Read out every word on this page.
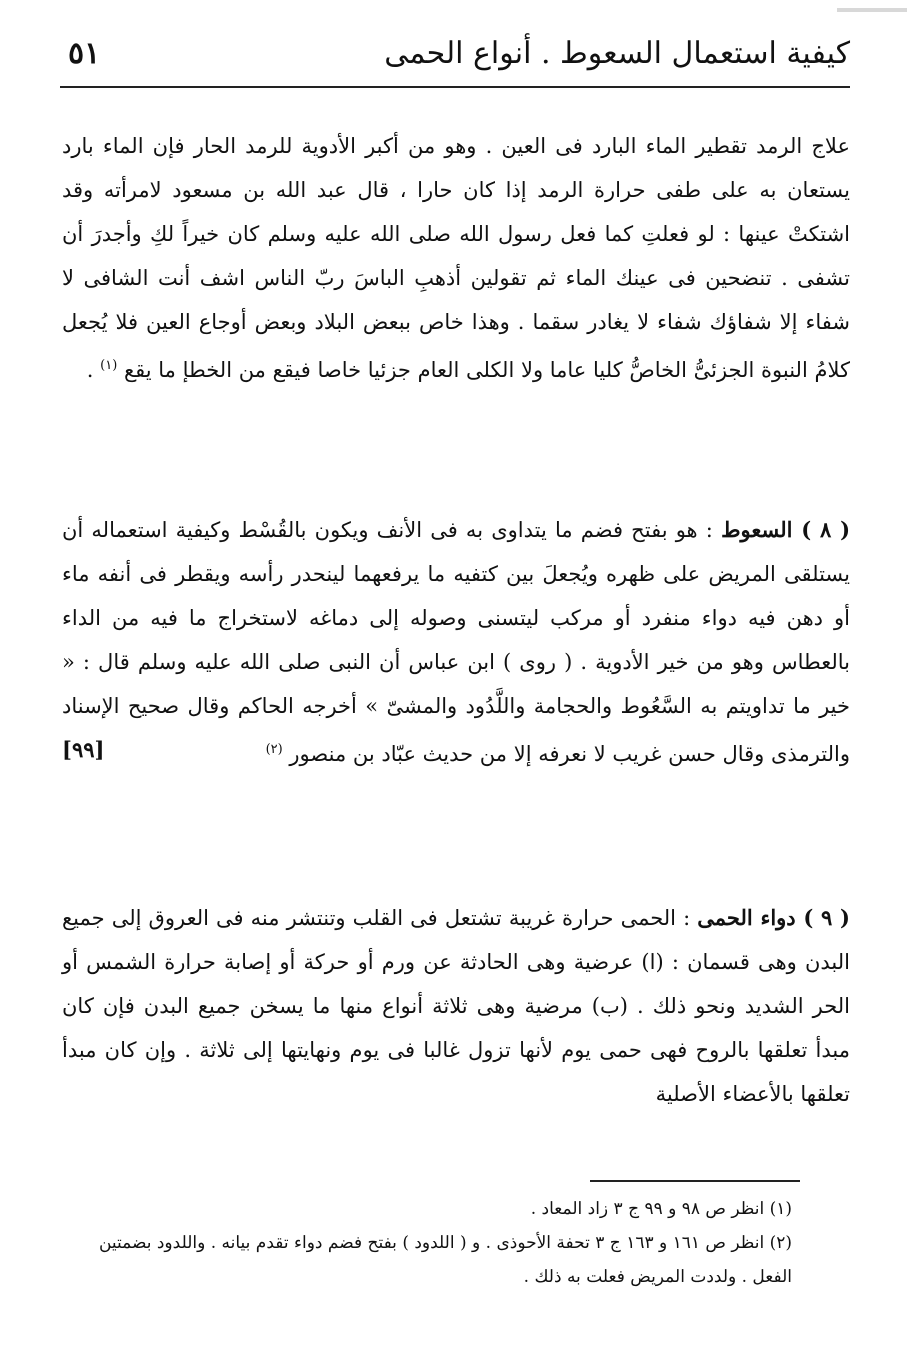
٥١	كيفية استعمال السعوط . أنواع الحمى

علاج الرمد تقطير الماء البارد فى العين . وهو من أكبر الأدوية للرمد الحار فإن الماء بارد يستعان به على طفى حرارة الرمد إذا كان حارا ، قال عبد الله بن مسعود لامرأته وقد اشتكتْ عينها : لو فعلتِ كما فعل رسول الله صلى الله عليه وسلم كان خيراً لكِ وأجدرَ أن تشفى . تنضحين فى عينك الماء ثم تقولين أذهبِ الباسَ ربّ الناس اشف أنت الشافى لا شفاء إلا شفاؤك شفاء لا يغادر سقما . وهذا خاص ببعض البلاد وبعض أوجاع العين فلا يُجعل كلامُ النبوة الجزئىُّ الخاصُّ كليا عاما ولا الكلى العام جزئيا خاصا فيقع من الخطإ ما يقع $^{(١)}$ .

( ٨ ) السعوط : هو بفتح فضم ما يتداوى به فى الأنف ويكون بالقُسْط وكيفية استعماله أن يستلقى المريض على ظهره ويُجعلَ بين كتفيه ما يرفعهما لينحدر رأسه ويقطر فى أنفه ماء أو دهن فيه دواء منفرد أو مركب ليتسنى وصوله إلى دماغه لاستخراج ما فيه من الداء بالعطاس وهو من خير الأدوية . ( روى ) ابن عباس أن النبى صلى الله عليه وسلم قال : « خير ما تداويتم به السَّعُوط والحجامة واللَّدُود والمشىّ » أخرجه الحاكم وقال صحيح الإسناد والترمذى وقال حسن غريب لا نعرفه إلا من حديث عبّاد بن منصور $^{(٢)}$
[٩٩]

( ٩ ) دواء الحمى : الحمى حرارة غريبة تشتعل فى القلب وتنتشر منه فى العروق إلى جميع البدن وهى قسمان : (ا) عرضية وهى الحادثة عن ورم أو حركة أو إصابة حرارة الشمس أو الحر الشديد ونحو ذلك . (ب) مرضية وهى ثلاثة أنواع منها ما يسخن جميع البدن فإن كان مبدأ تعلقها بالروح فهى حمى يوم لأنها تزول غالبا فى يوم ونهايتها إلى ثلاثة . وإن كان مبدأ تعلقها بالأعضاء الأصلية

(١) انظر ص ٩٨ و ٩٩ ج ٣ زاد المعاد .

(٢) انظر ص ١٦١ و ١٦٣ ج ٣ تحفة الأحوذى . و ( اللدود ) بفتح فضم دواء تقدم بيانه . واللدود بضمتين الفعل . ولددت المريض فعلت به ذلك .
